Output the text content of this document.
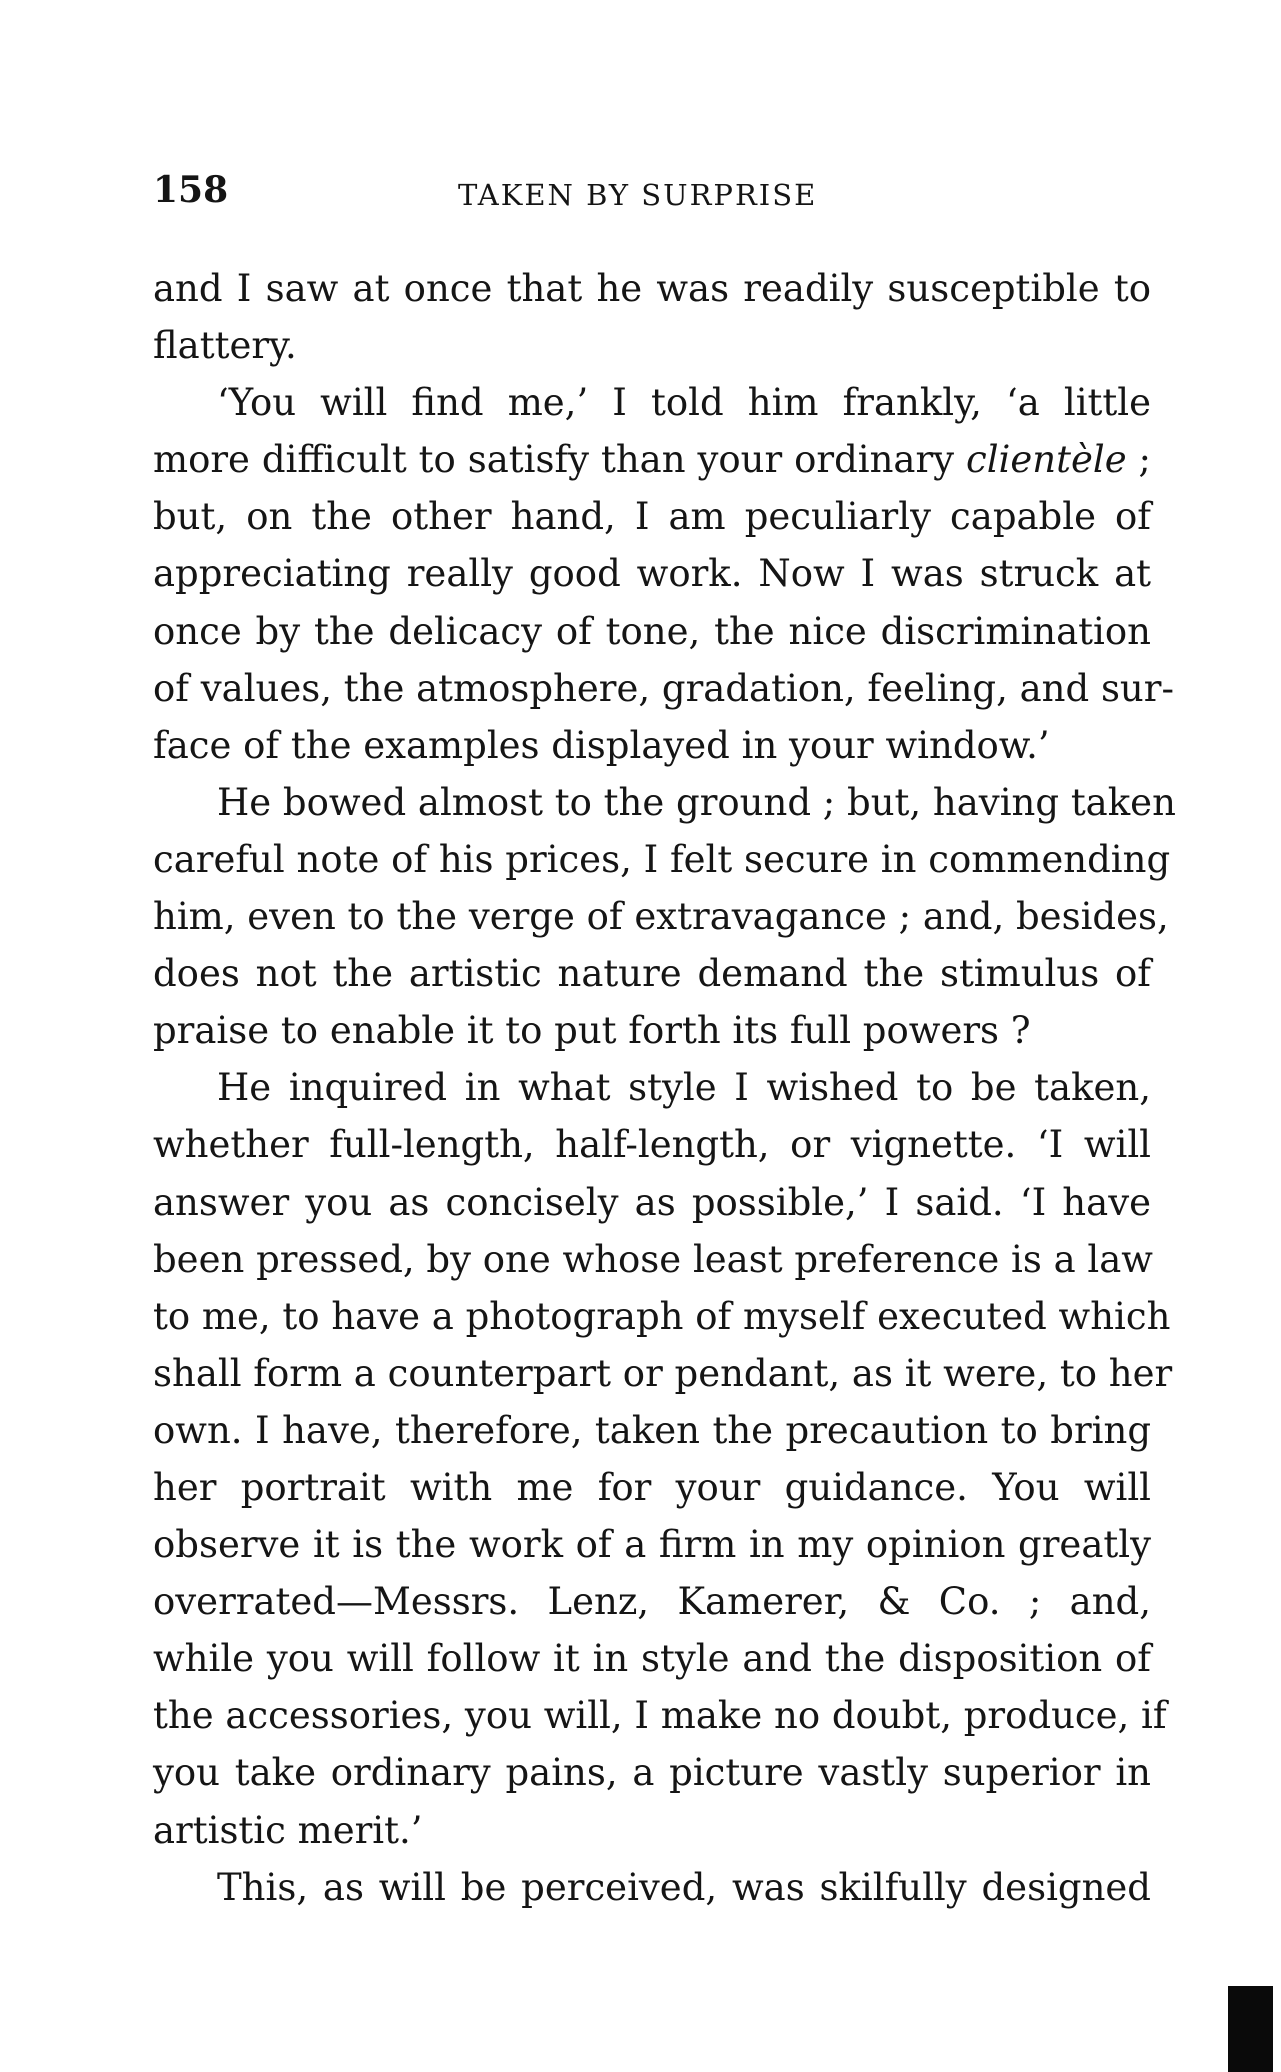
158	TAKEN BY SURPRISE
and I saw at once that he was readily susceptible to
flattery.
‘You will find me,’ I told him frankly, ‘a little
more difficult to satisfy than your ordinary clientèle ;
but, on the other hand, I am peculiarly capable of
appreciating really good work. Now I was struck at
once by the delicacy of tone, the nice discrimination
of values, the atmosphere, gradation, feeling, and sur-
face of the examples displayed in your window.’
He bowed almost to the ground ; but, having taken
careful note of his prices, I felt secure in commending
him, even to the verge of extravagance ; and, besides,
does not the artistic nature demand the stimulus of
praise to enable it to put forth its full powers ?
He inquired in what style I wished to be taken,
whether full-length, half-length, or vignette. ‘I will
answer you as concisely as possible,’ I said. ‘I have
been pressed, by one whose least preference is a law
to me, to have a photograph of myself executed which
shall form a counterpart or pendant, as it were, to her
own. I have, therefore, taken the precaution to bring
her portrait with me for your guidance. You will
observe it is the work of a firm in my opinion greatly
overrated—Messrs. Lenz, Kamerer, & Co. ; and,
while you will follow it in style and the disposition of
the accessories, you will, I make no doubt, produce, if
you take ordinary pains, a picture vastly superior in
artistic merit.’
This, as will be perceived, was skilfully designed
